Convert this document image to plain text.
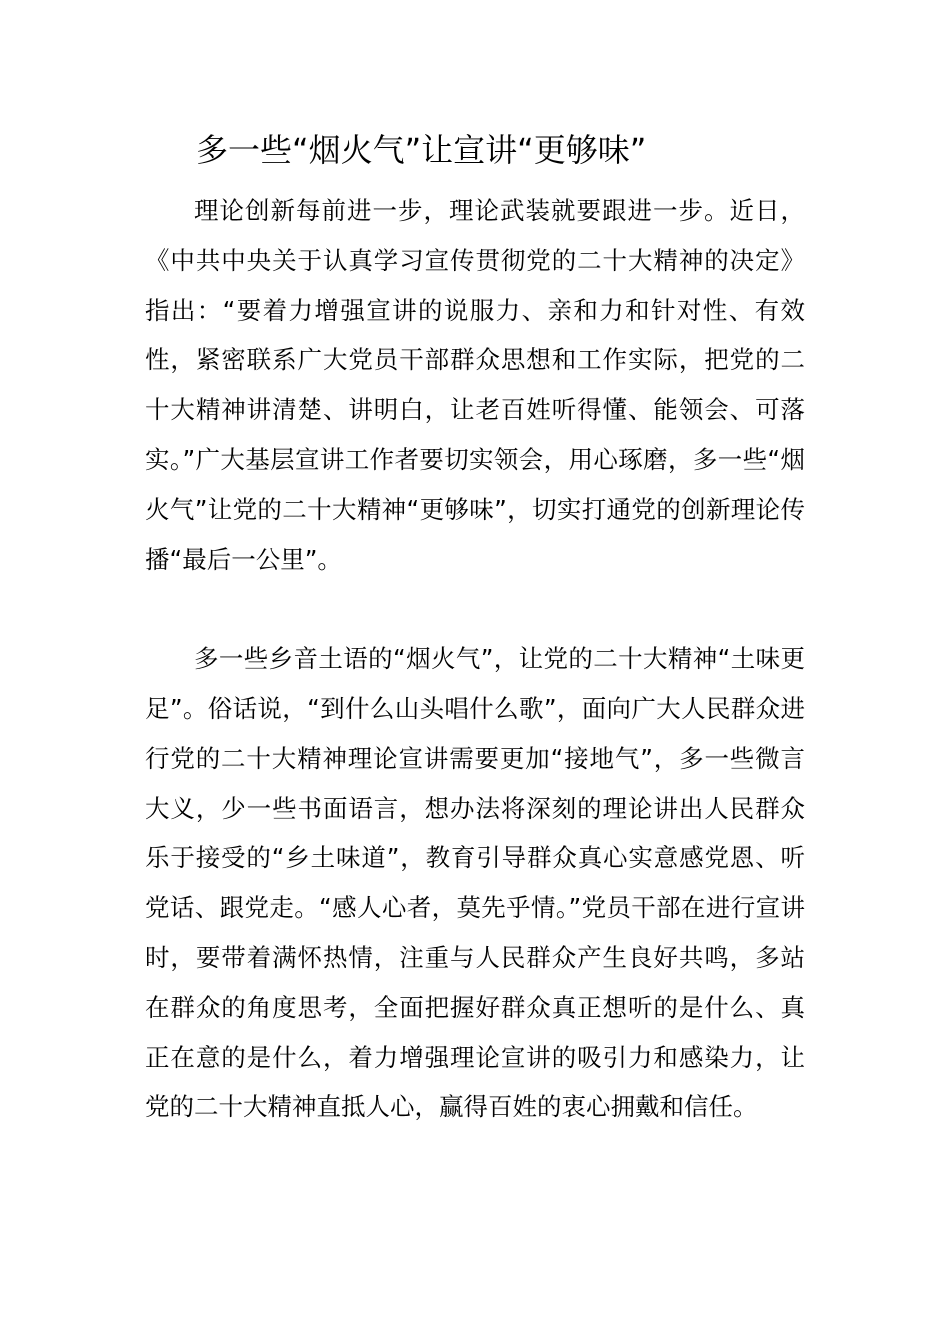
多一些“烟火气”让宣讲“更够味”

理论创新每前进一步，理论武装就要跟进一步。近日，《中共中央关于认真学习宣传贯彻党的二十大精神的决定》指出：“要着力增强宣讲的说服力、亲和力和针对性、有效性，紧密联系广大党员干部群众思想和工作实际，把党的二十大精神讲清楚、讲明白，让老百姓听得懂、能领会、可落实。”广大基层宣讲工作者要切实领会，用心琢磨，多一些“烟火气”让党的二十大精神“更够味”，切实打通党的创新理论传播“最后一公里”。

多一些乡音土语的“烟火气”，让党的二十大精神“土味更足”。俗话说，“到什么山头唱什么歌”，面向广大人民群众进行党的二十大精神理论宣讲需要更加“接地气”，多一些微言大义，少一些书面语言，想办法将深刻的理论讲出人民群众乐于接受的“乡土味道”，教育引导群众真心实意感党恩、听党话、跟党走。“感人心者，莫先乎情。”党员干部在进行宣讲时，要带着满怀热情，注重与人民群众产生良好共鸣，多站在群众的角度思考，全面把握好群众真正想听的是什么、真正在意的是什么，着力增强理论宣讲的吸引力和感染力，让党的二十大精神直抵人心，赢得百姓的衷心拥戴和信任。
